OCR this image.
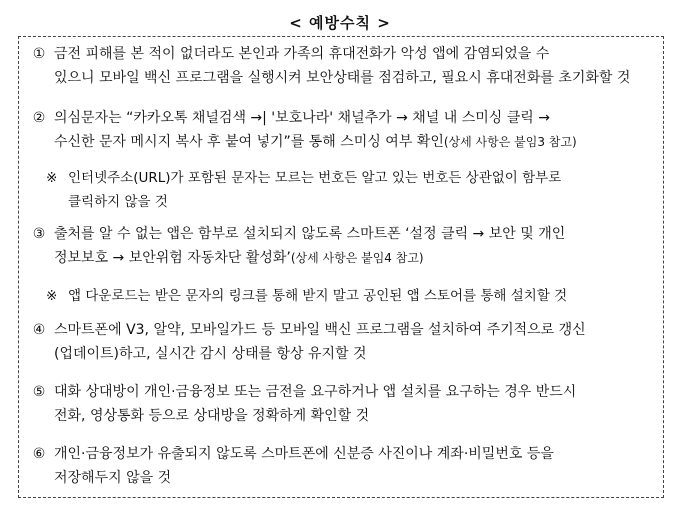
< 예방수칙 >
① 금전 피해를 본 적이 없더라도 본인과 가족의 휴대전화가 악성 앱에 감염되었을 수
있으니 모바일 백신 프로그램을 실행시켜 보안상태를 점검하고, 필요시 휴대전화를 초기화할 것
② 의심문자는 “카카오톡 채널검색 →| '보호나라' 채널추가 → 채널 내 스미싱 클릭 →
수신한 문자 메시지 복사 후 붙여 넣기”를 통해 스미싱 여부 확인(상세 사항은 붙임3 참고)
※ 인터넷주소(URL)가 포함된 문자는 모르는 번호든 알고 있는 번호든 상관없이 함부로
클릭하지 않을 것
③ 출처를 알 수 없는 앱은 함부로 설치되지 않도록 스마트폰 ‘설정 클릭 → 보안 및 개인
정보보호 → 보안위험 자동차단 활성화’(상세 사항은 붙임4 참고)
※ 앱 다운로드는 받은 문자의 링크를 통해 받지 말고 공인된 앱 스토어를 통해 설치할 것
④ 스마트폰에 V3, 알약, 모바일가드 등 모바일 백신 프로그램을 설치하여 주기적으로 갱신
(업데이트)하고, 실시간 감시 상태를 항상 유지할 것
⑤ 대화 상대방이 개인·금융정보 또는 금전을 요구하거나 앱 설치를 요구하는 경우 반드시
전화, 영상통화 등으로 상대방을 정확하게 확인할 것
⑥ 개인·금융정보가 유출되지 않도록 스마트폰에 신분증 사진이나 계좌·비밀번호 등을
저장해두지 않을 것
